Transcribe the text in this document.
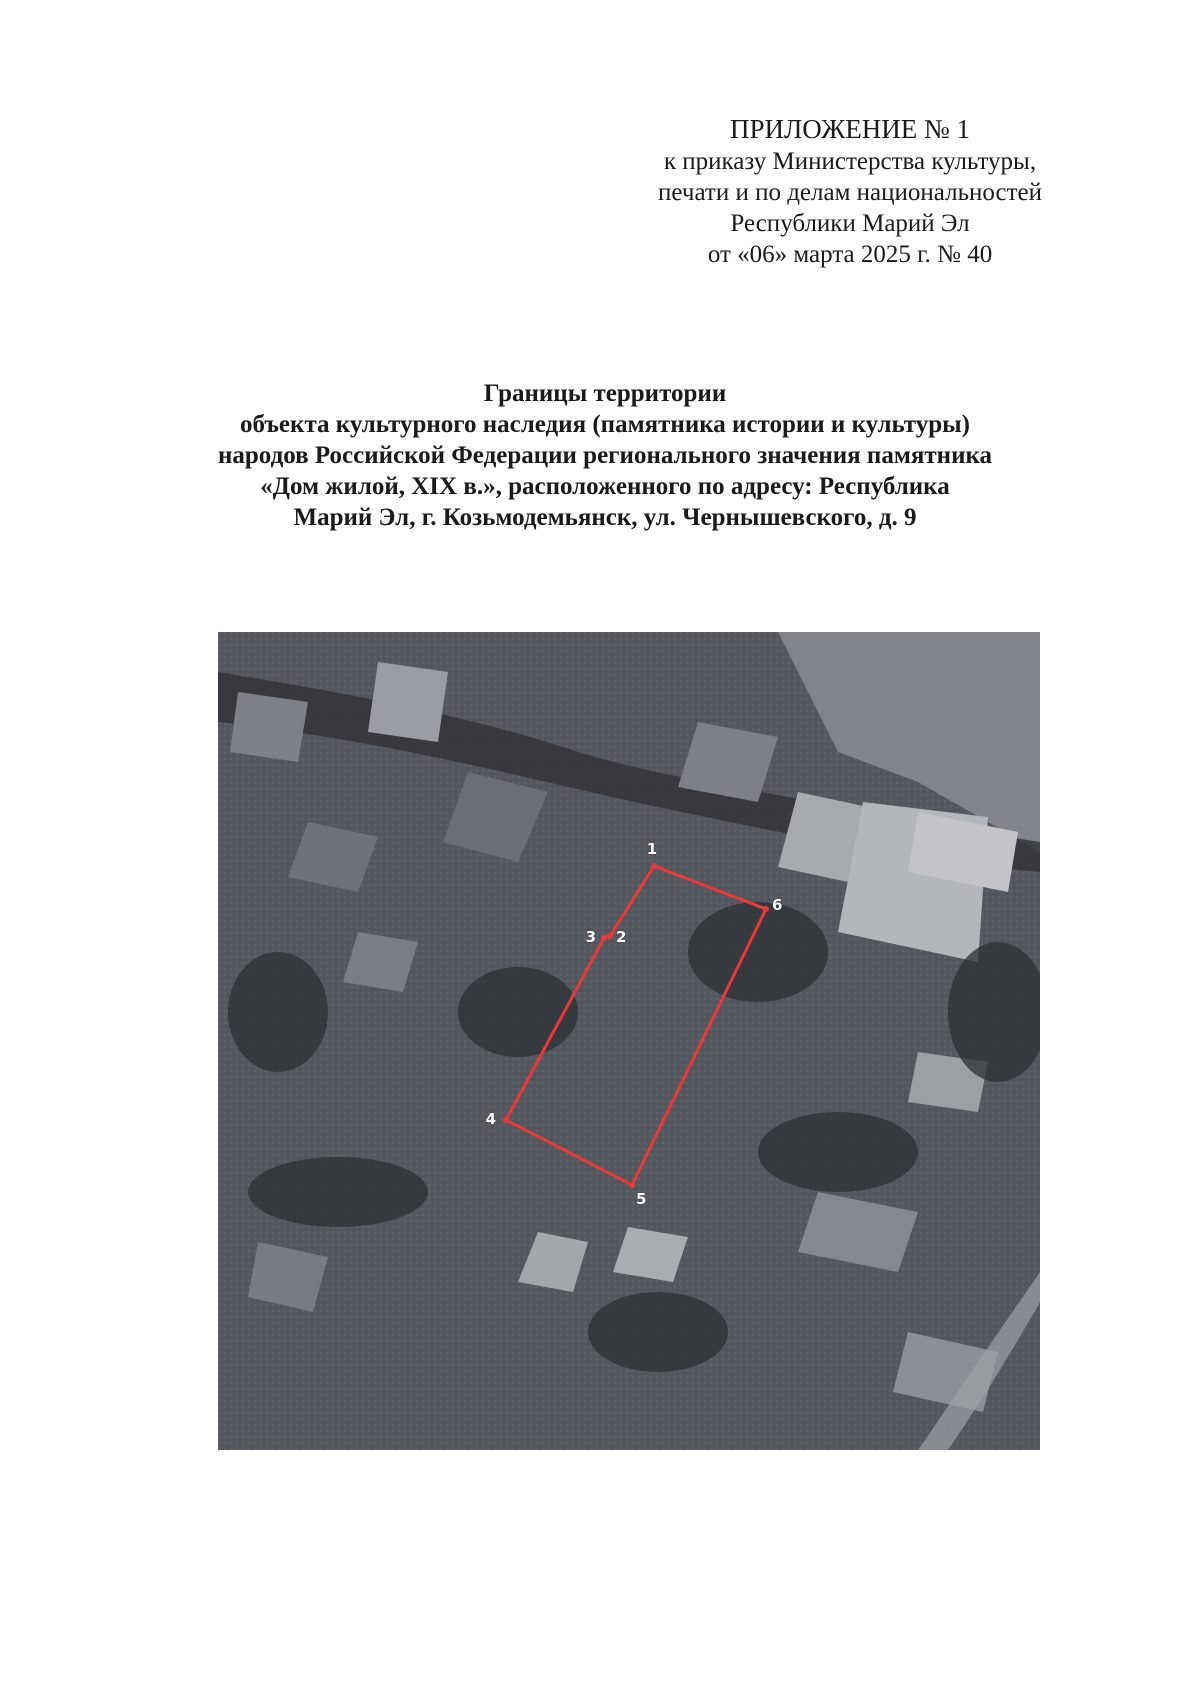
ПРИЛОЖЕНИЕ № 1
к приказу Министерства культуры,
печати и по делам национальностей
Республики Марий Эл
от «06» марта 2025 г. № 40
Границы территории
объекта культурного наследия (памятника истории и культуры)
народов Российской Федерации регионального значения памятника
«Дом жилой, XIX в.», расположенного по адресу: Республика
Марий Эл, г. Козьмодемьянск, ул. Чернышевского, д. 9
1
2
3
4
5
6
